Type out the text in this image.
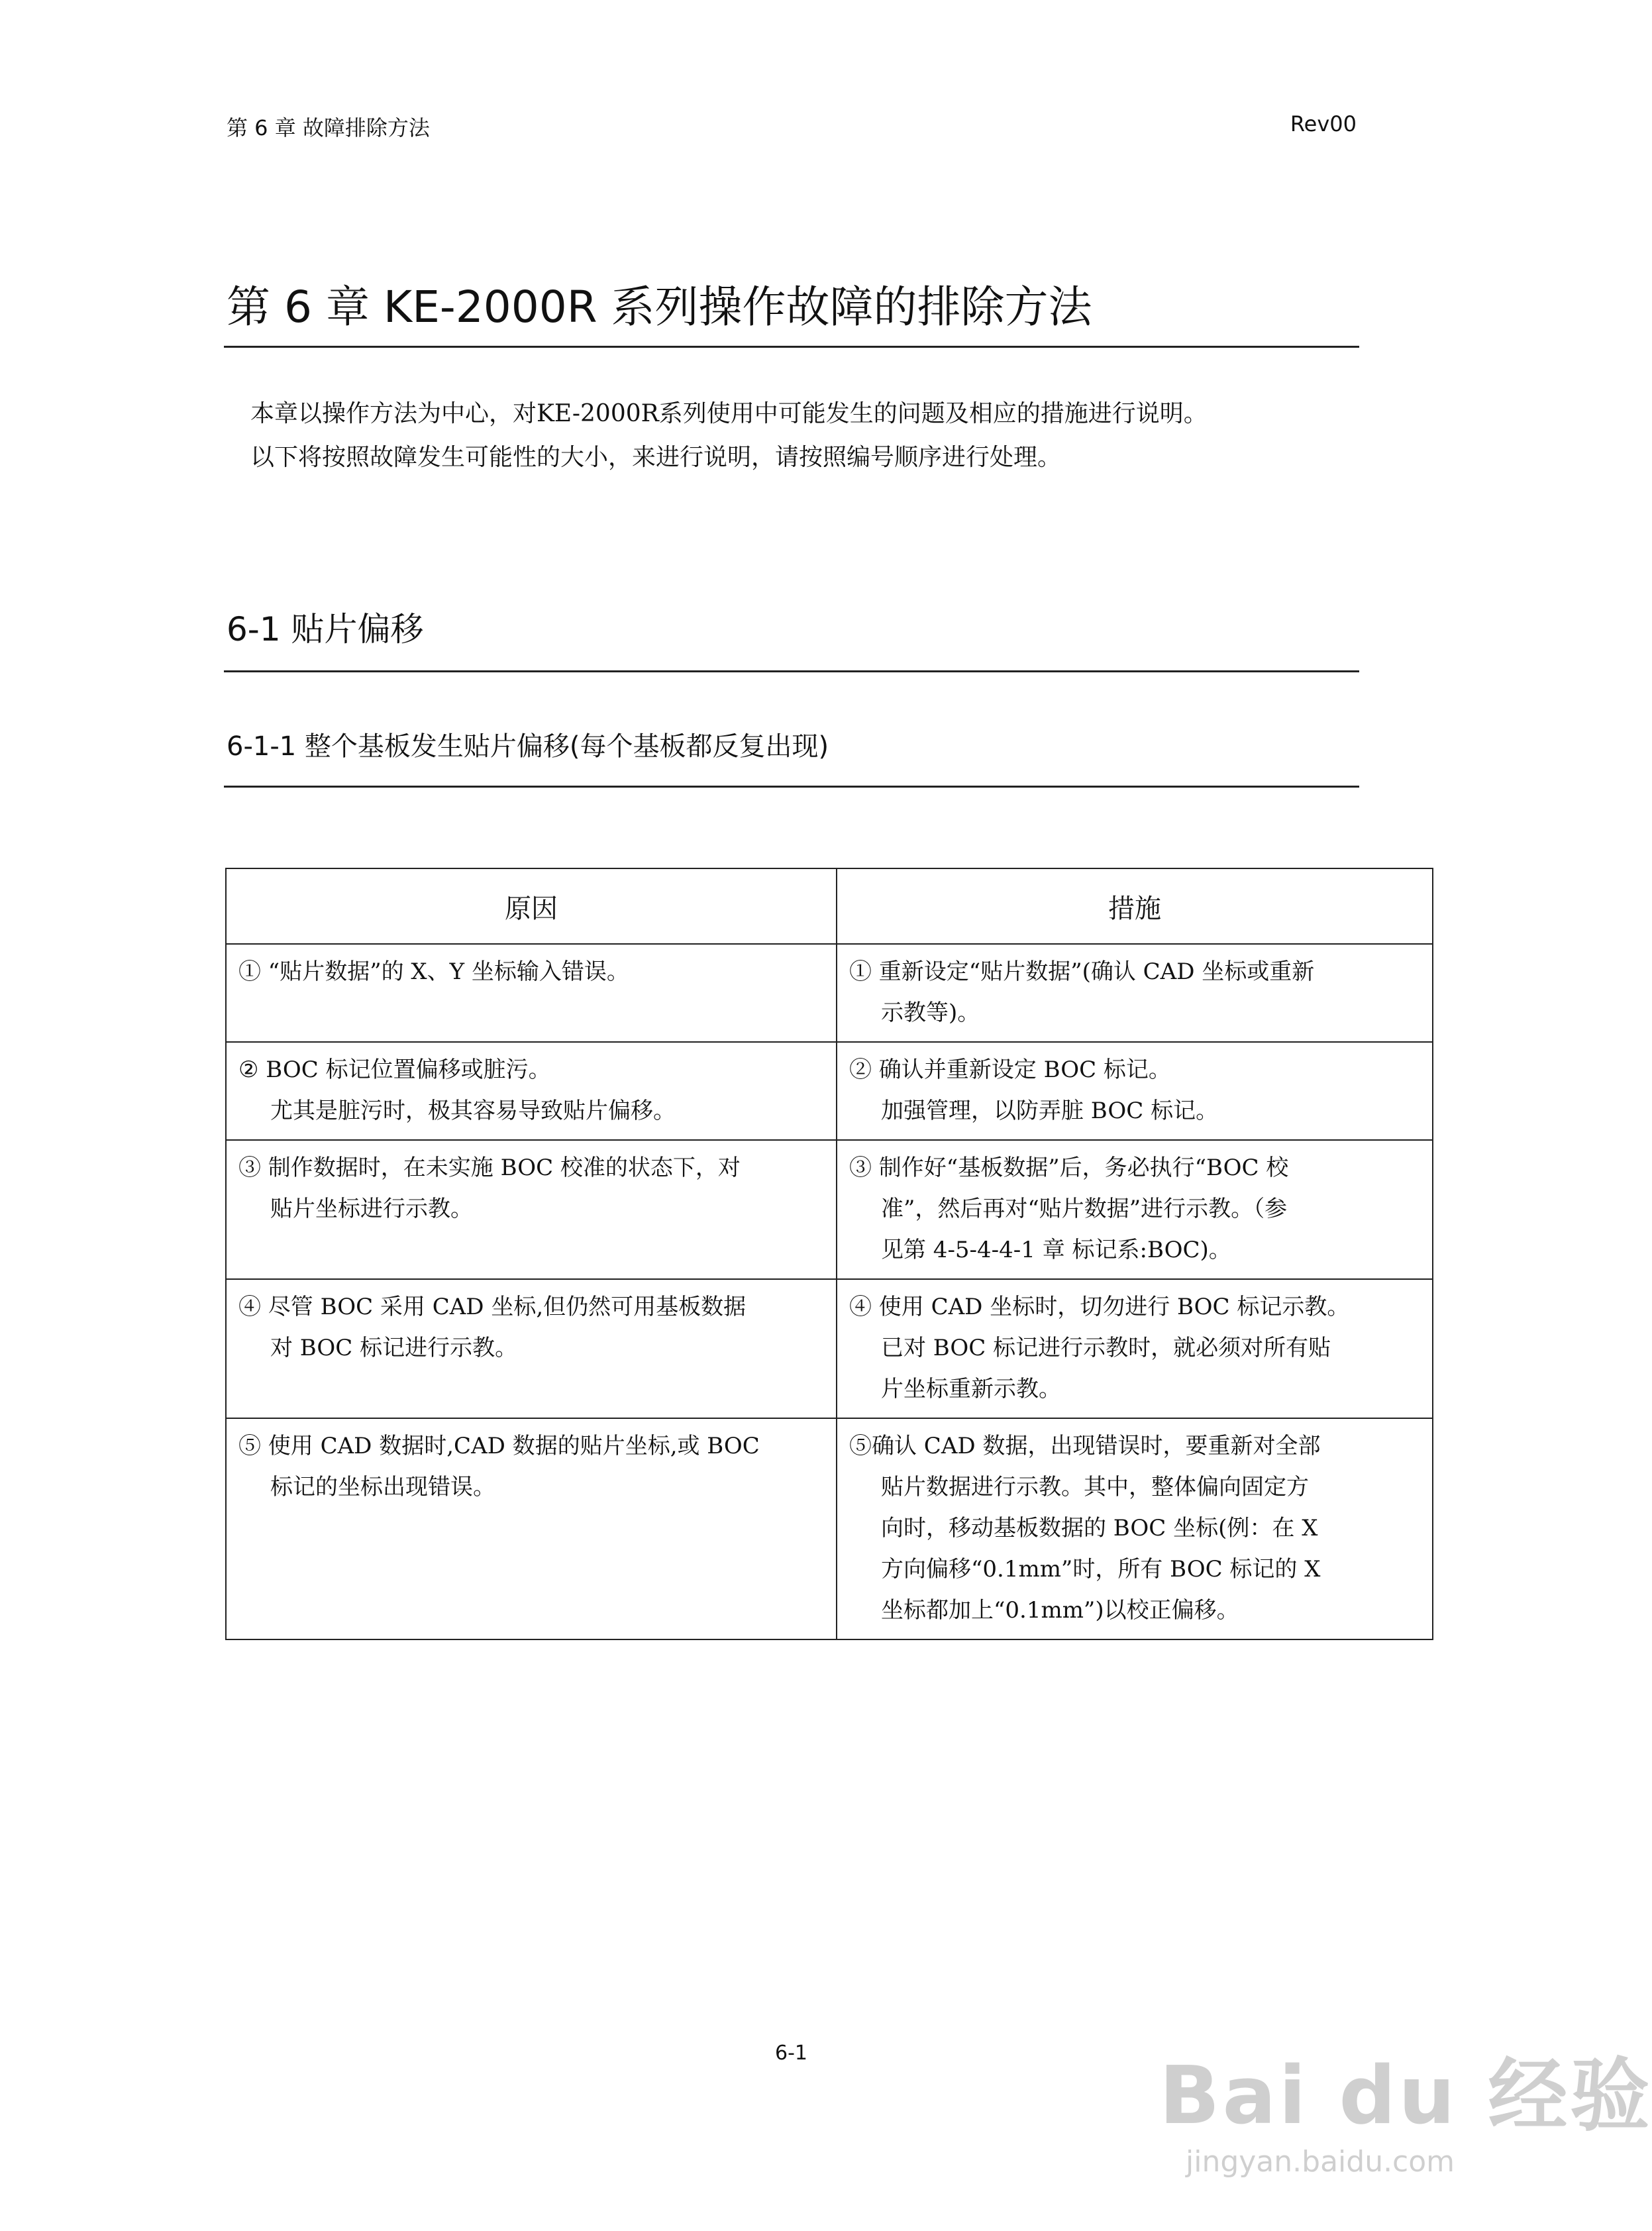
第 6 章 故障排除方法	Rev00
第 6 章 KE-2000R 系列操作故障的排除方法
本章以操作方法为中心，对KE-2000R系列使用中可能发生的问题及相应的措施进行说明。
以下将按照故障发生可能性的大小，来进行说明，请按照编号顺序进行处理。
6-1 贴片偏移
6-1-1 整个基板发生贴片偏移(每个基板都反复出现)
原因	措施

① “贴片数据”的 X、Y 坐标输入错误。	① 重新设定“贴片数据”(确认 CAD 坐标或重新
示教等)。

② BOC 标记位置偏移或脏污。
尤其是脏污时，极其容易导致贴片偏移。	② 确认并重新设定 BOC 标记。
加强管理，以防弄脏 BOC 标记。

③ 制作数据时，在未实施 BOC 校准的状态下，对
贴片坐标进行示教。	③ 制作好“基板数据”后，务必执行“BOC 校
准”，然后再对“贴片数据”进行示教。（参
见第 4-5-4-4-1 章 标记系:BOC)。

④ 尽管 BOC 采用 CAD 坐标,但仍然可用基板数据
对 BOC 标记进行示教。	④ 使用 CAD 坐标时，切勿进行 BOC 标记示教。
已对 BOC 标记进行示教时，就必须对所有贴
片坐标重新示教。

⑤ 使用 CAD 数据时,CAD 数据的贴片坐标,或 BOC
标记的坐标出现错误。	⑤确认 CAD 数据，出现错误时，要重新对全部
贴片数据进行示教。其中，整体偏向固定方
向时，移动基板数据的 BOC 坐标(例：在 X
方向偏移“0.1mm”时，所有 BOC 标记的 X
坐标都加上“0.1mm”)以校正偏移。
6-1	Bai du 经验
jingyan.baidu.com
